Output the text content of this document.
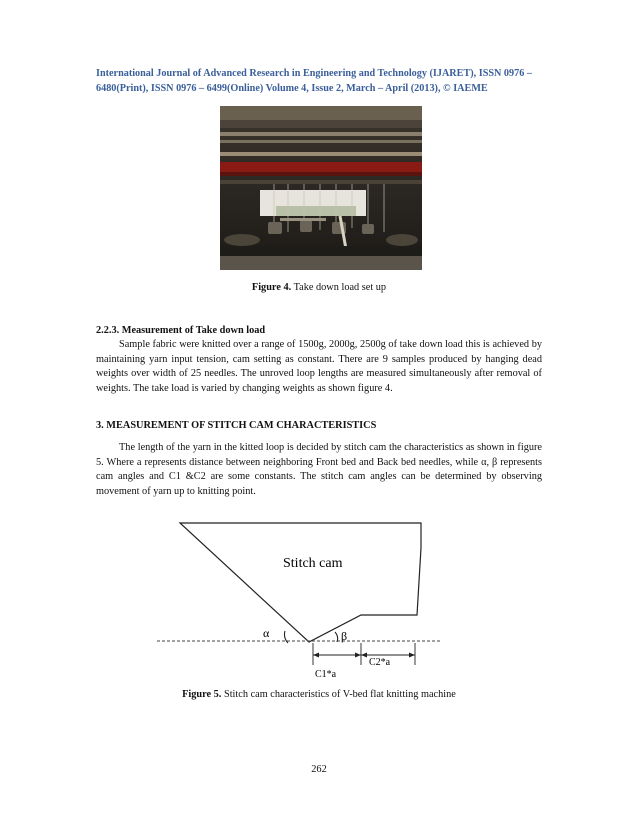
International Journal of Advanced Research in Engineering and Technology (IJARET), ISSN 0976 –
6480(Print), ISSN 0976 – 6499(Online) Volume 4, Issue 2, March – April (2013), © IAEME
Figure 4. Take down load set up
2.2.3. Measurement of Take down load
Sample fabric were knitted over a range of 1500g, 2000g, 2500g of take down load this is achieved by maintaining yarn input tension, cam setting as constant. There are 9 samples produced by hanging dead weights over width of 25 needles. The unroved loop lengths are measured simultaneously after removal of weights. The take load is varied by changing weights as shown figure 4.
3. MEASUREMENT OF STITCH CAM CHARACTERISTICS
The length of the yarn in the kitted loop is decided by stitch cam the characteristics as shown in figure 5. Where a represents distance between neighboring Front bed and Back bed needles, while α, β represents cam angles and C1 &C2 are some constants. The stitch cam angles can be determined by observing movement of yarn up to knitting point.
Stitch cam
α	β
C1*a
C2*a
Figure 5. Stitch cam characteristics of V-bed flat knitting machine
262
